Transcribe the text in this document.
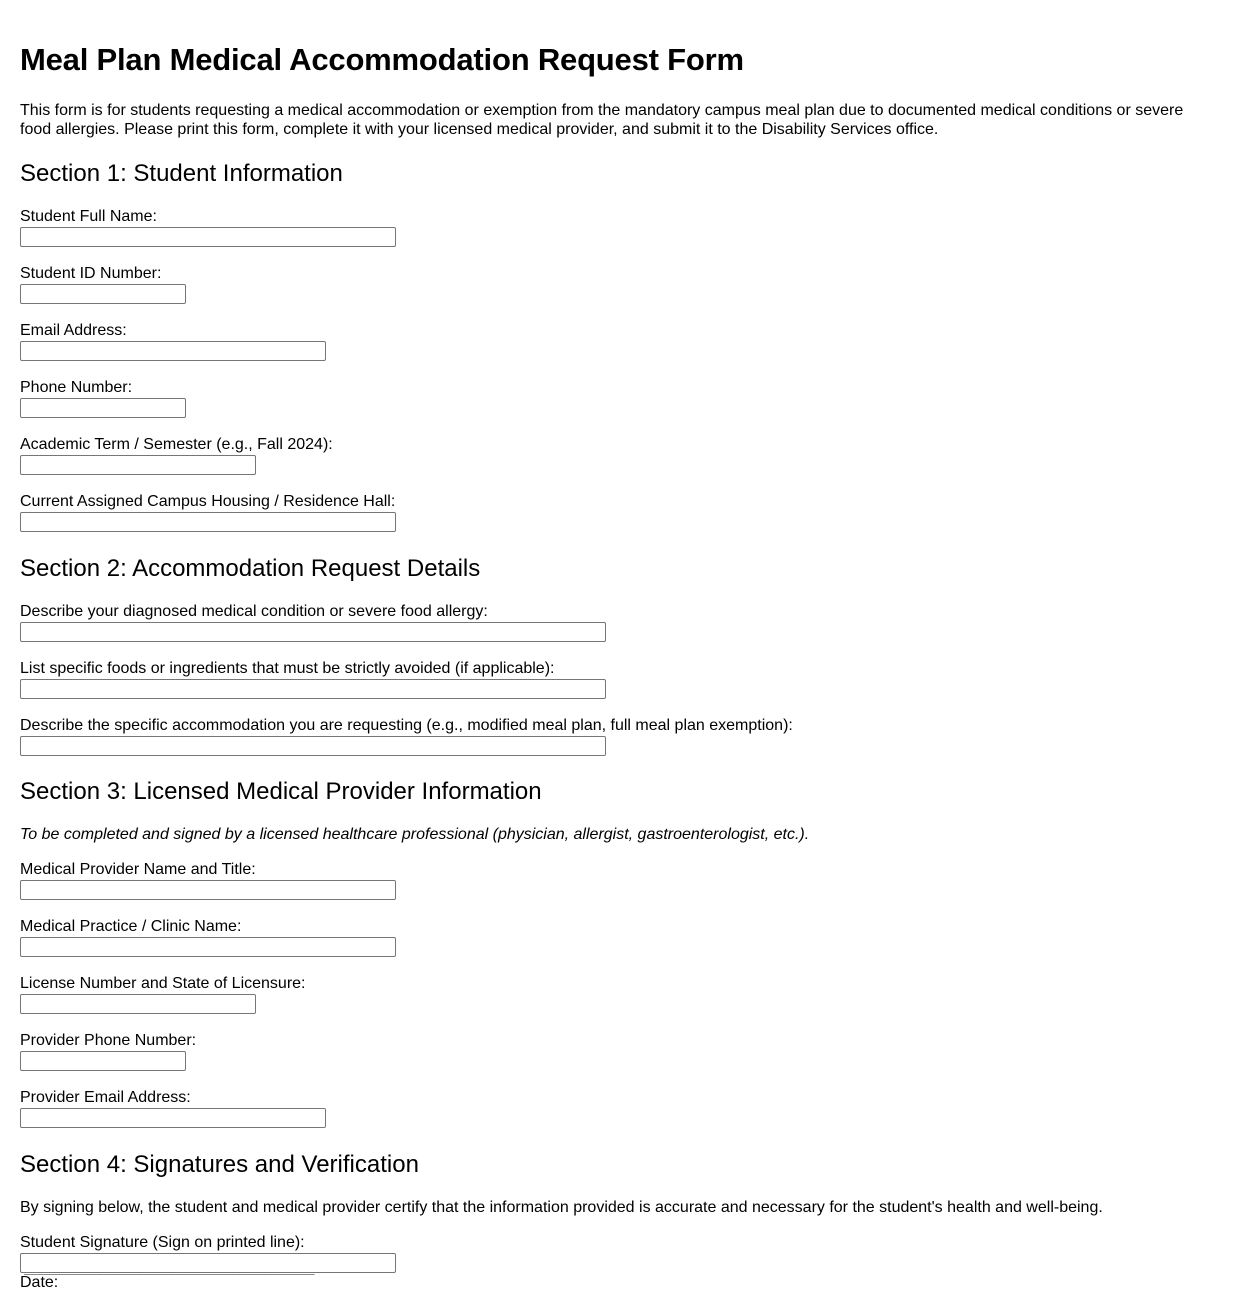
Meal Plan Medical Accommodation Request Form

This form is for students requesting a medical accommodation or exemption from the mandatory campus meal plan due to documented medical conditions or severe food allergies. Please print this form, complete it with your licensed medical provider, and submit it to the Disability Services office.

Section 1: Student Information
Student Full Name:
Student ID Number:
Email Address:
Phone Number:
Academic Term / Semester (e.g., Fall 2024):
Current Assigned Campus Housing / Residence Hall:
Section 2: Accommodation Request Details
Describe your diagnosed medical condition or severe food allergy:
List specific foods or ingredients that must be strictly avoided (if applicable):
Describe the specific accommodation you are requesting (e.g., modified meal plan, full meal plan exemption):
Section 3: Licensed Medical Provider Information

To be completed and signed by a licensed healthcare professional (physician, allergist, gastroenterologist, etc.).

Medical Provider Name and Title:
Medical Practice / Clinic Name:
License Number and State of Licensure:
Provider Phone Number:
Provider Email Address:
Section 4: Signatures and Verification

By signing below, the student and medical provider certify that the information provided is accurate and necessary for the student's health and well-being.

Student Signature (Sign on printed line):
____________________________________________
Date:
